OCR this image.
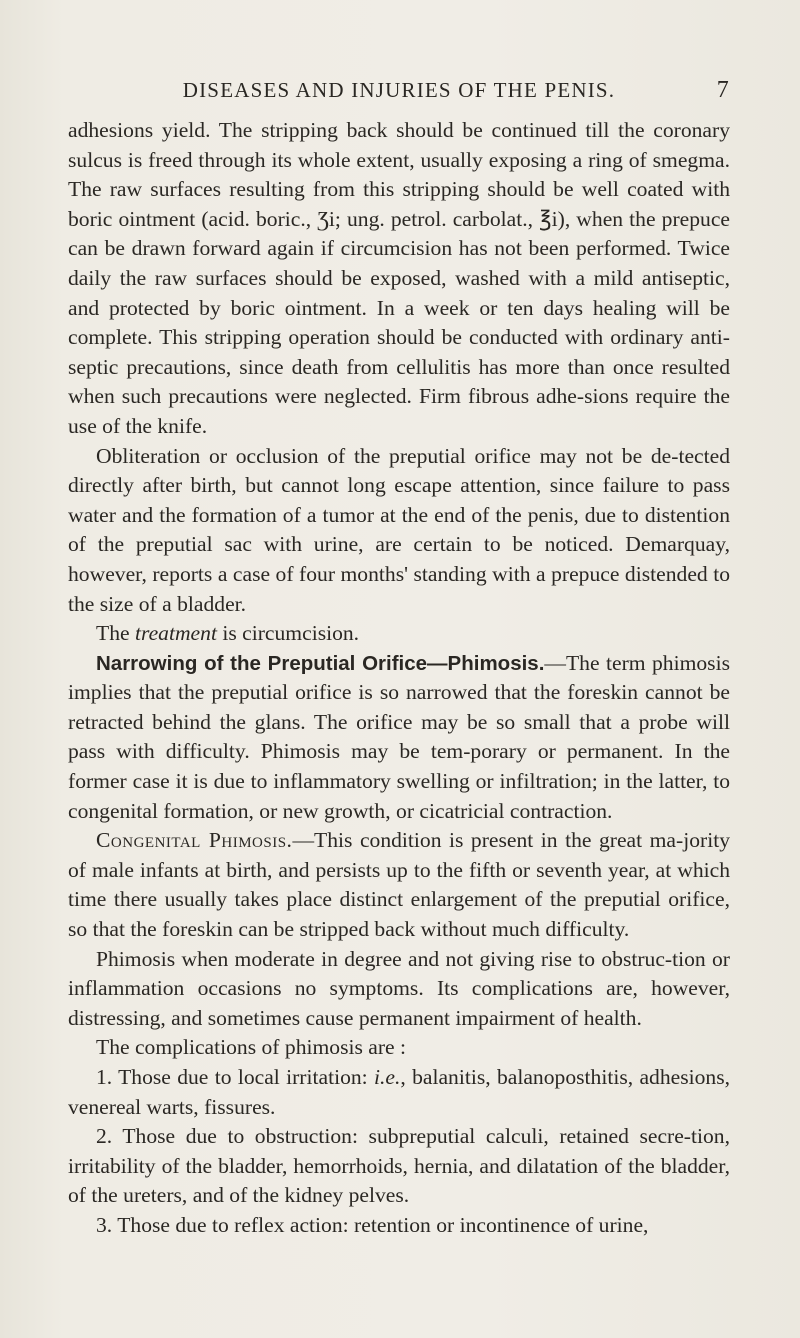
DISEASES AND INJURIES OF THE PENIS.	7

adhesions yield. The stripping back should be continued till the coronary sulcus is freed through its whole extent, usually exposing a ring of smegma. The raw surfaces resulting from this stripping should be well coated with boric ointment (acid. boric., Ʒi; ung. petrol. carbolat., ℥i), when the prepuce can be drawn forward again if circumcision has not been performed. Twice daily the raw surfaces should be exposed, washed with a mild antiseptic, and protected by boric ointment. In a week or ten days healing will be complete. This stripping operation should be conducted with ordinary anti-septic precautions, since death from cellulitis has more than once resulted when such precautions were neglected. Firm fibrous adhe-sions require the use of the knife.

Obliteration or occlusion of the preputial orifice may not be de-tected directly after birth, but cannot long escape attention, since failure to pass water and the formation of a tumor at the end of the penis, due to distention of the preputial sac with urine, are certain to be noticed. Demarquay, however, reports a case of four months' standing with a prepuce distended to the size of a bladder.

The treatment is circumcision.

Narrowing of the Preputial Orifice—Phimosis.—The term phimosis implies that the preputial orifice is so narrowed that the foreskin cannot be retracted behind the glans. The orifice may be so small that a probe will pass with difficulty. Phimosis may be tem-porary or permanent. In the former case it is due to inflammatory swelling or infiltration; in the latter, to congenital formation, or new growth, or cicatricial contraction.

Congenital Phimosis.—This condition is present in the great ma-jority of male infants at birth, and persists up to the fifth or seventh year, at which time there usually takes place distinct enlargement of the preputial orifice, so that the foreskin can be stripped back without much difficulty.

Phimosis when moderate in degree and not giving rise to obstruc-tion or inflammation occasions no symptoms. Its complications are, however, distressing, and sometimes cause permanent impairment of health.

The complications of phimosis are :

1. Those due to local irritation: i.e., balanitis, balanoposthitis, adhesions, venereal warts, fissures.

2. Those due to obstruction: subpreputial calculi, retained secre-tion, irritability of the bladder, hemorrhoids, hernia, and dilatation of the bladder, of the ureters, and of the kidney pelves.

3. Those due to reflex action: retention or incontinence of urine,
